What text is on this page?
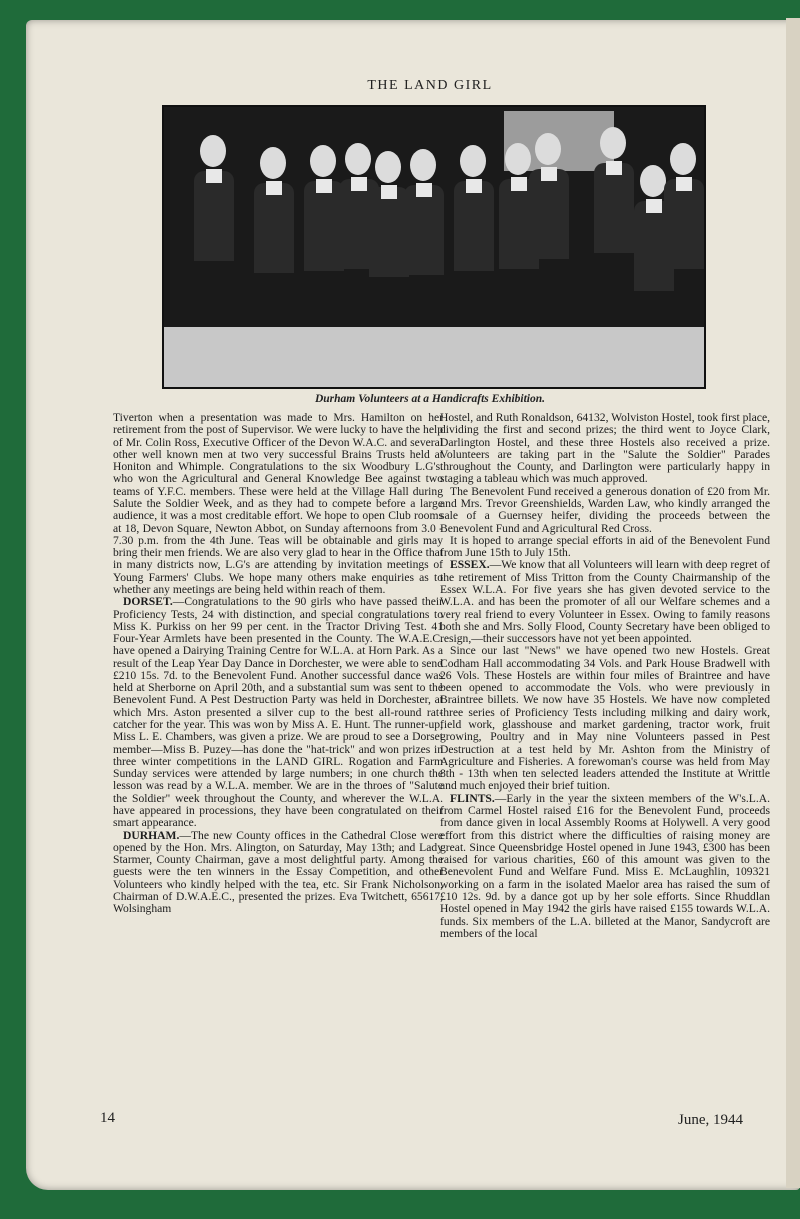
THE LAND GIRL
Durham Volunteers at a Handicrafts Exhibition.

Tiverton when a presentation was made to Mrs. Hamilton on her retirement from the post of Supervisor. We were lucky to have the help of Mr. Colin Ross, Executive Officer of the Devon W.A.C. and several other well known men at two very successful Brains Trusts held at Honiton and Whimple. Congratulations to the six Woodbury L.G's. who won the Agricultural and General Knowledge Bee against two teams of Y.F.C. members. These were held at the Village Hall during Salute the Soldier Week, and as they had to compete before a large audience, it was a most creditable effort. We hope to open Club rooms at 18, Devon Square, Newton Abbot, on Sunday afternoons from 3.0 - 7.30 p.m. from the 4th June. Teas will be obtainable and girls may bring their men friends. We are also very glad to hear in the Office that in many districts now, L.G's are attending by invitation meetings of Young Farmers' Clubs. We hope many others make enquiries as to whether any meetings are being held within reach of them.

DORSET.—Congratulations to the 90 girls who have passed their Proficiency Tests, 24 with distinction, and special congratulations to Miss K. Purkiss on her 99 per cent. in the Tractor Driving Test. 41 Four-Year Armlets have been presented in the County. The W.A.E.C. have opened a Dairying Training Centre for W.L.A. at Horn Park. As a result of the Leap Year Day Dance in Dorchester, we were able to send £210 15s. 7d. to the Benevolent Fund. Another successful dance was held at Sherborne on April 20th, and a substantial sum was sent to the Benevolent Fund. A Pest Destruction Party was held in Dorchester, at which Mrs. Aston presented a silver cup to the best all-round rat-catcher for the year. This was won by Miss A. E. Hunt. The runner-up, Miss L. E. Chambers, was given a prize. We are proud to see a Dorset member—Miss B. Puzey—has done the "hat-trick" and won prizes in three winter competitions in the LAND GIRL. Rogation and Farm Sunday services were attended by large numbers; in one church the lesson was read by a W.L.A. member. We are in the throes of "Salute the Soldier" week throughout the County, and wherever the W.L.A. have appeared in processions, they have been congratulated on their smart appearance.

DURHAM.—The new County offices in the Cathedral Close were opened by the Hon. Mrs. Alington, on Saturday, May 13th; and Lady Starmer, County Chairman, gave a most delightful party. Among the guests were the ten winners in the Essay Competition, and other Volunteers who kindly helped with the tea, etc. Sir Frank Nicholson, Chairman of D.W.A.E.C., presented the prizes. Eva Twitchett, 65617, Wolsingham

Hostel, and Ruth Ronaldson, 64132, Wolviston Hostel, took first place, dividing the first and second prizes; the third went to Joyce Clark, Darlington Hostel, and these three Hostels also received a prize. Volunteers are taking part in the "Salute the Soldier" Parades throughout the County, and Darlington were particularly happy in staging a tableau which was much approved.

The Benevolent Fund received a generous donation of £20 from Mr. and Mrs. Trevor Greenshields, Warden Law, who kindly arranged the sale of a Guernsey heifer, dividing the proceeds between the Benevolent Fund and Agricultural Red Cross.

It is hoped to arrange special efforts in aid of the Benevolent Fund from June 15th to July 15th.

ESSEX.—We know that all Volunteers will learn with deep regret of the retirement of Miss Tritton from the County Chairmanship of the Essex W.L.A. For five years she has given devoted service to the W.L.A. and has been the promoter of all our Welfare schemes and a very real friend to every Volunteer in Essex. Owing to family reasons both she and Mrs. Solly Flood, County Secretary have been obliged to resign,—their successors have not yet been appointed.

Since our last "News" we have opened two new Hostels. Great Codham Hall accommodating 34 Vols. and Park House Bradwell with 26 Vols. These Hostels are within four miles of Braintree and have been opened to accommodate the Vols. who were previously in Braintree billets. We now have 35 Hostels. We have now completed three series of Proficiency Tests including milking and dairy work, field work, glasshouse and market gardening, tractor work, fruit growing, Poultry and in May nine Volunteers passed in Pest Destruction at a test held by Mr. Ashton from the Ministry of Agriculture and Fisheries. A forewoman's course was held from May 8th - 13th when ten selected leaders attended the Institute at Writtle and much enjoyed their brief tuition.

FLINTS.—Early in the year the sixteen members of the W's.L.A. from Carmel Hostel raised £16 for the Benevolent Fund, proceeds from dance given in local Assembly Rooms at Holywell. A very good effort from this district where the difficulties of raising money are great. Since Queensbridge Hostel opened in June 1943, £300 has been raised for various charities, £60 of this amount was given to the Benevolent Fund and Welfare Fund. Miss E. McLaughlin, 109321 working on a farm in the isolated Maelor area has raised the sum of £10 12s. 9d. by a dance got up by her sole efforts. Since Rhuddlan Hostel opened in May 1942 the girls have raised £155 towards W.L.A. funds. Six members of the L.A. billeted at the Manor, Sandycroft are members of the local

14	June, 1944
